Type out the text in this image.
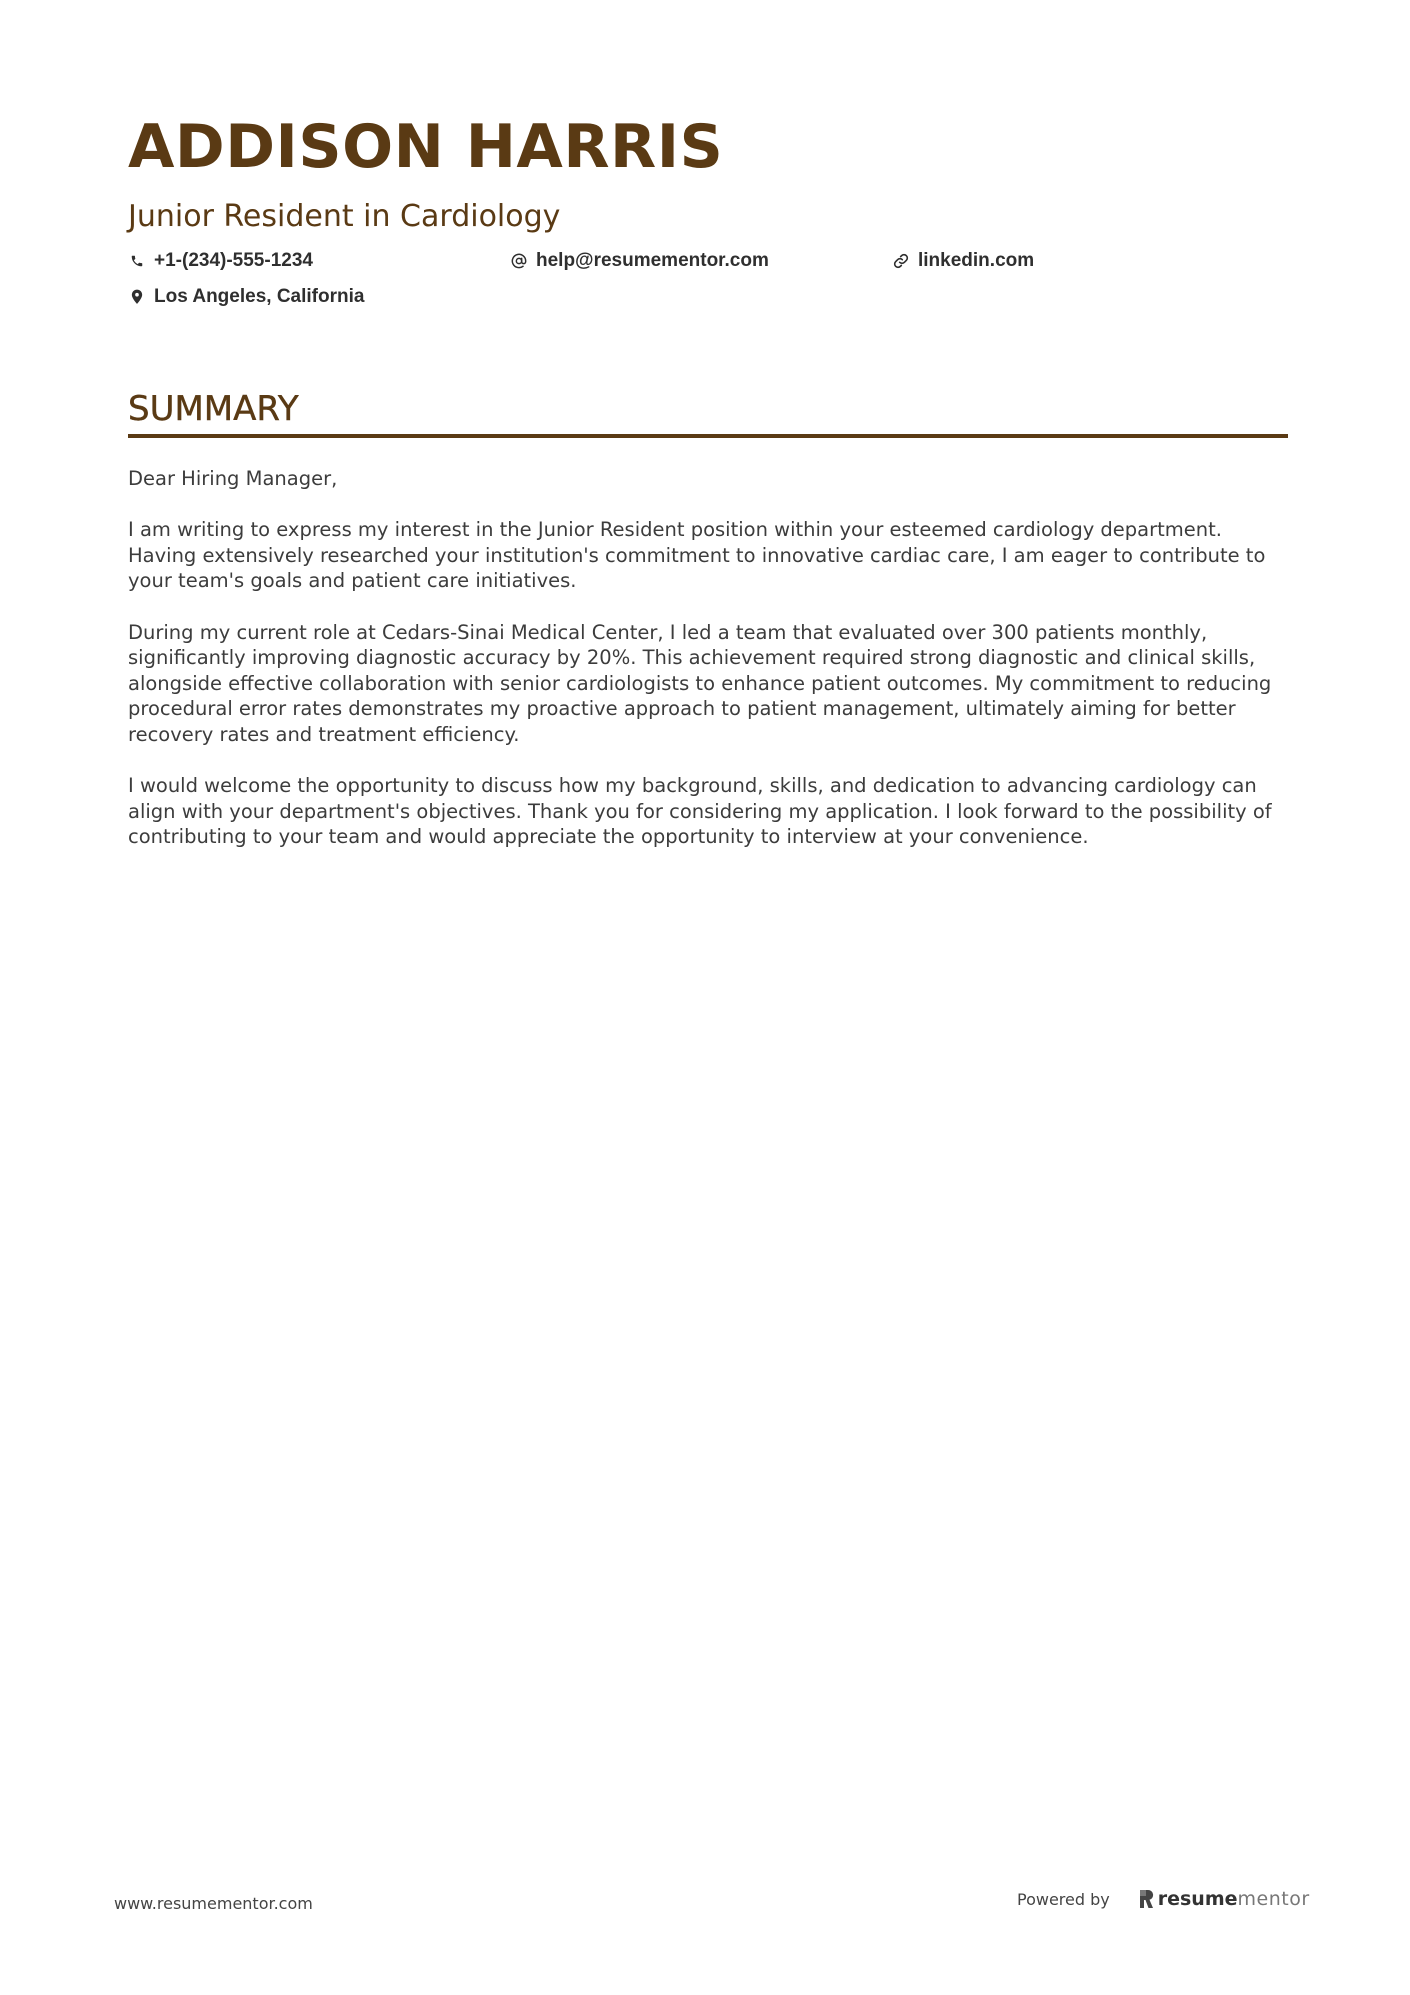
ADDISON HARRIS
Junior Resident in Cardiology
+1-(234)-555-1234	help@resumementor.com	linkedin.com
Los Angeles, California
SUMMARY

Dear Hiring Manager,

I am writing to express my interest in the Junior Resident position within your esteemed cardiology department. Having extensively researched your institution's commitment to innovative cardiac care, I am eager to contribute to your team's goals and patient care initiatives.

During my current role at Cedars-Sinai Medical Center, I led a team that evaluated over 300 patients monthly, significantly improving diagnostic accuracy by 20%. This achievement required strong diagnostic and clinical skills, alongside effective collaboration with senior cardiologists to enhance patient outcomes. My commitment to reducing procedural error rates demonstrates my proactive approach to patient management, ultimately aiming for better recovery rates and treatment efficiency.

I would welcome the opportunity to discuss how my background, skills, and dedication to advancing cardiology can align with your department's objectives. Thank you for considering my application. I look forward to the possibility of contributing to your team and would appreciate the opportunity to interview at your convenience.

www.resumementor.com	Powered by	resume mentor
